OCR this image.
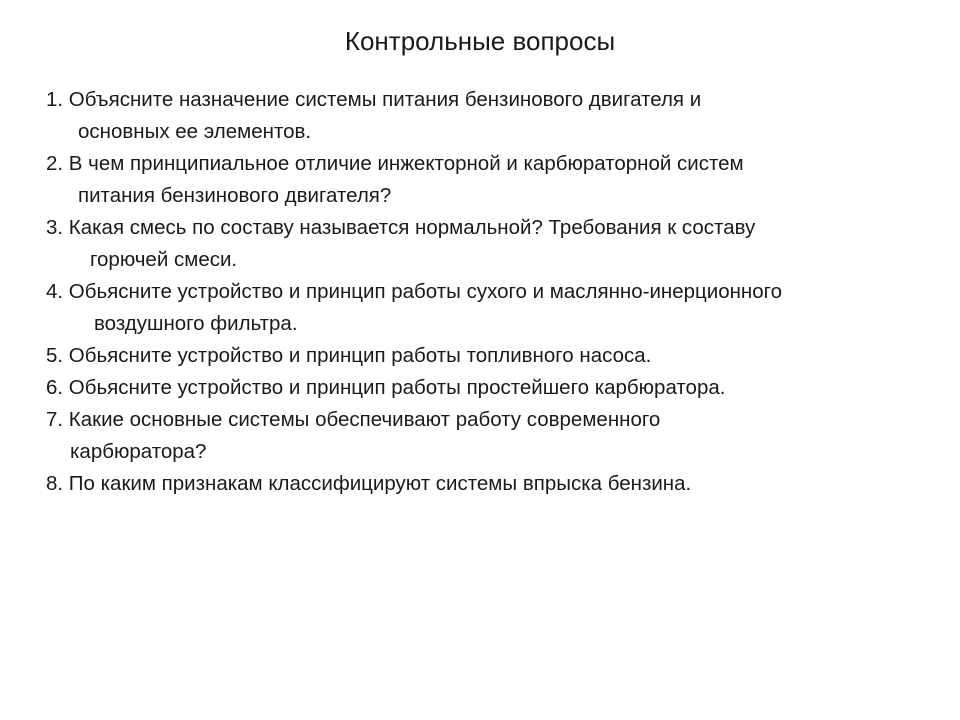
Контрольные вопросы
1. Объясните назначение системы питания бензинового двигателя и
основных ее элементов.
2. В чем принципиальное отличие инжекторной и карбюраторной систем
питания бензинового двигателя?
3. Какая смесь по составу называется нормальной? Требования к составу
горючей смеси.
4. Обьясните устройство и принцип работы сухого и маслянно-инерционного
воздушного фильтра.
5. Обьясните устройство и принцип работы топливного насоса.
6. Обьясните устройство и принцип работы простейшего карбюратора.
7. Какие основные системы обеспечивают работу современного
карбюратора?
8. По каким признакам классифицируют системы впрыска бензина.
